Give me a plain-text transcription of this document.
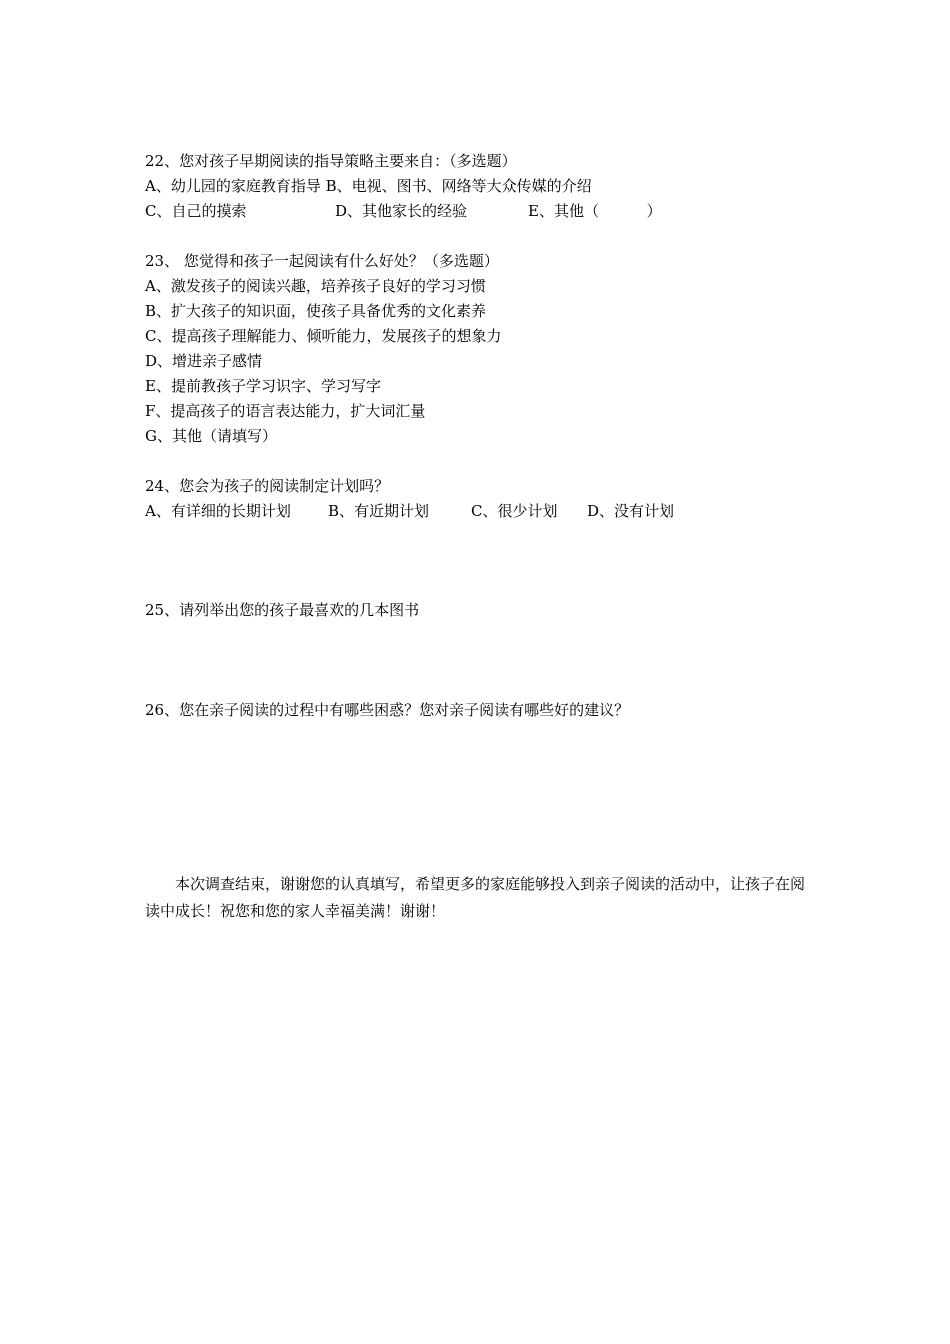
22、您对孩子早期阅读的指导策略主要来自：（多选题）

A、幼儿园的家庭教育指导 B、电视、图书、网络等大众传媒的介绍

C、自己的摸索	D、其他家长的经验	E、其他（          ）

23、 您觉得和孩子一起阅读有什么好处？（多选题）

A、激发孩子的阅读兴趣，培养孩子良好的学习习惯

B、扩大孩子的知识面，使孩子具备优秀的文化素养

C、提高孩子理解能力、倾听能力，发展孩子的想象力

D、增进亲子感情

E、提前教孩子学习识字、学习写字

F、提高孩子的语言表达能力，扩大词汇量

G、其他（请填写）

24、您会为孩子的阅读制定计划吗？

A、有详细的长期计划 B、有近期计划	C、很少计划 D、没有计划

25、请列举出您的孩子最喜欢的几本图书

26、您在亲子阅读的过程中有哪些困惑？您对亲子阅读有哪些好的建议？

本次调查结束，谢谢您的认真填写，希望更多的家庭能够投入到亲子阅读的活动中，让孩子在阅读中成长！祝您和您的家人幸福美满！谢谢！
